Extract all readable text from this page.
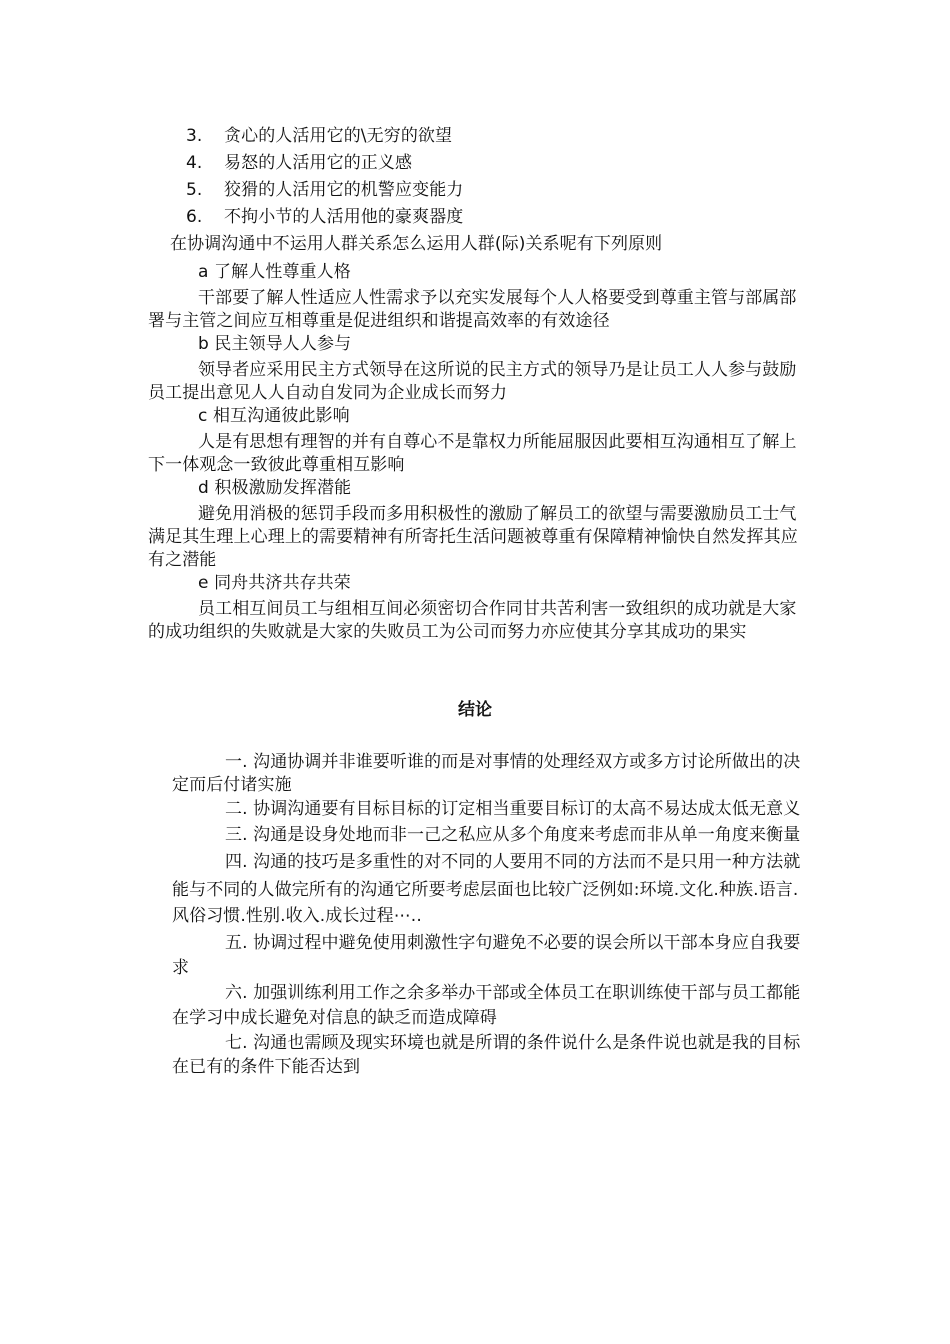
3. 贪心的人活用它的\无穷的欲望
4. 易怒的人活用它的正义感
5. 狡猾的人活用它的机警应变能力
6. 不拘小节的人活用他的豪爽器度
在协调沟通中不运用人群关系怎么运用人群(际)关系呢有下列原则
a 了解人性尊重人格
干部要了解人性适应人性需求予以充实发展每个人人格要受到尊重主管与部属部
署与主管之间应互相尊重是促进组织和谐提高效率的有效途径
b 民主领导人人参与
领导者应采用民主方式领导在这所说的民主方式的领导乃是让员工人人参与鼓励
员工提出意见人人自动自发同为企业成长而努力
c 相互沟通彼此影响
人是有思想有理智的并有自尊心不是靠权力所能屈服因此要相互沟通相互了解上
下一体观念一致彼此尊重相互影响
d 积极激励发挥潜能
避免用消极的惩罚手段而多用积极性的激励了解员工的欲望与需要激励员工士气
满足其生理上心理上的需要精神有所寄托生活问题被尊重有保障精神愉快自然发挥其应
有之潜能
e 同舟共济共存共荣
员工相互间员工与组相互间必须密切合作同甘共苦利害一致组织的成功就是大家
的成功组织的失败就是大家的失败员工为公司而努力亦应使其分享其成功的果实
结论
一. 沟通协调并非谁要听谁的而是对事情的处理经双方或多方讨论所做出的决
定而后付诸实施
二. 协调沟通要有目标目标的订定相当重要目标订的太高不易达成太低无意义
三. 沟通是设身处地而非一己之私应从多个角度来考虑而非从单一角度来衡量
四. 沟通的技巧是多重性的对不同的人要用不同的方法而不是只用一种方法就
能与不同的人做完所有的沟通它所要考虑层面也比较广泛例如:环境.文化.种族.语言.
风俗习惯.性别.收入.成长过程⋯..
五. 协调过程中避免使用刺激性字句避免不必要的误会所以干部本身应自我要
求
六. 加强训练利用工作之余多举办干部或全体员工在职训练使干部与员工都能
在学习中成长避免对信息的缺乏而造成障碍
七. 沟通也需顾及现实环境也就是所谓的条件说什么是条件说也就是我的目标
在已有的条件下能否达到
